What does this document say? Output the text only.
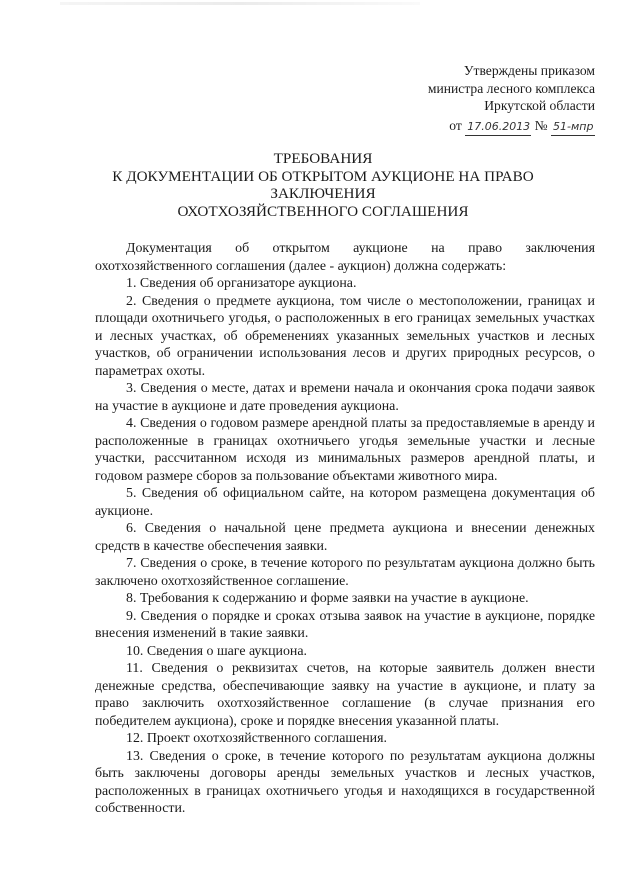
Утверждены приказом
министра лесного комплекса
Иркутской области
от 17.06.2013 № 51-мпр
ТРЕБОВАНИЯ
К ДОКУМЕНТАЦИИ ОБ ОТКРЫТОМ АУКЦИОНЕ НА ПРАВО
ЗАКЛЮЧЕНИЯ
ОХОТХОЗЯЙСТВЕННОГО СОГЛАШЕНИЯ

Документация об открытом аукционе на право заключения охотхозяйственного соглашения (далее - аукцион) должна содержать:

1. Сведения об организаторе аукциона.

2. Сведения о предмете аукциона, том числе о местоположении, границах и площади охотничьего угодья, о расположенных в его границах земельных участках и лесных участках, об обременениях указанных земельных участков и лесных участков, об ограничении использования лесов и других природных ресурсов, о параметрах охоты.

3. Сведения о месте, датах и времени начала и окончания срока подачи заявок на участие в аукционе и дате проведения аукциона.

4. Сведения о годовом размере арендной платы за предоставляемые в аренду и расположенные в границах охотничьего угодья земельные участки и лесные участки, рассчитанном исходя из минимальных размеров арендной платы, и годовом размере сборов за пользование объектами животного мира.

5. Сведения об официальном сайте, на котором размещена документация об аукционе.

6. Сведения о начальной цене предмета аукциона и внесении денежных средств в качестве обеспечения заявки.

7. Сведения о сроке, в течение которого по результатам аукциона должно быть заключено охотхозяйственное соглашение.

8. Требования к содержанию и форме заявки на участие в аукционе.

9. Сведения о порядке и сроках отзыва заявок на участие в аукционе, порядке внесения изменений в такие заявки.

10. Сведения о шаге аукциона.

11. Сведения о реквизитах счетов, на которые заявитель должен внести денежные средства, обеспечивающие заявку на участие в аукционе, и плату за право заключить охотхозяйственное соглашение (в случае признания его победителем аукциона), сроке и порядке внесения указанной платы.

12. Проект охотхозяйственного соглашения.

13. Сведения о сроке, в течение которого по результатам аукциона должны быть заключены договоры аренды земельных участков и лесных участков, расположенных в границах охотничьего угодья и находящихся в государственной собственности.
